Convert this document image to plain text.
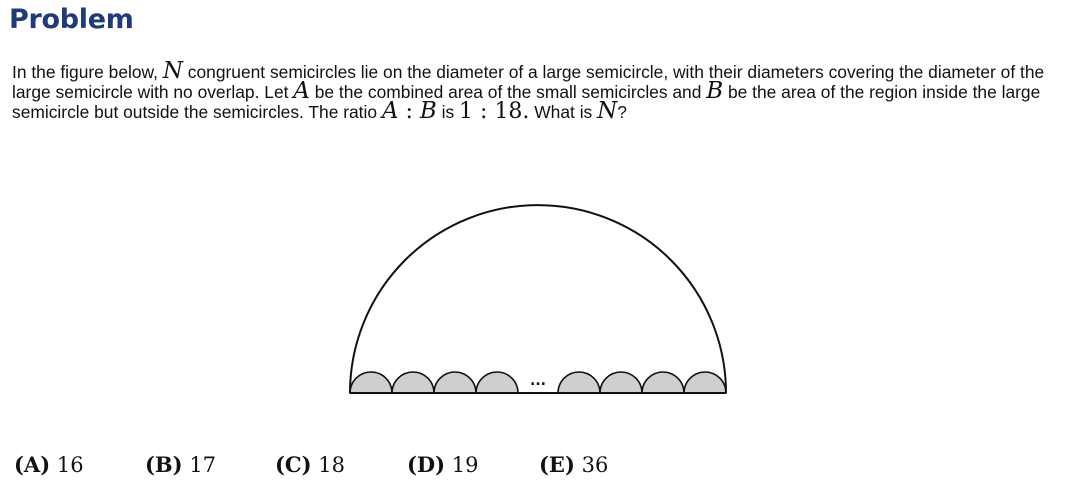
Problem
In the figure below, N congruent semicircles lie on the diameter of a large semicircle, with their diameters covering the diameter of the large semicircle with no overlap. Let A be the combined area of the small semicircles and B be the area of the region inside the large semicircle but outside the semicircles. The ratio A : B is 1 : 18. What is N?
...
(A) 16	(B) 17	(C) 18	(D) 19	(E) 36
